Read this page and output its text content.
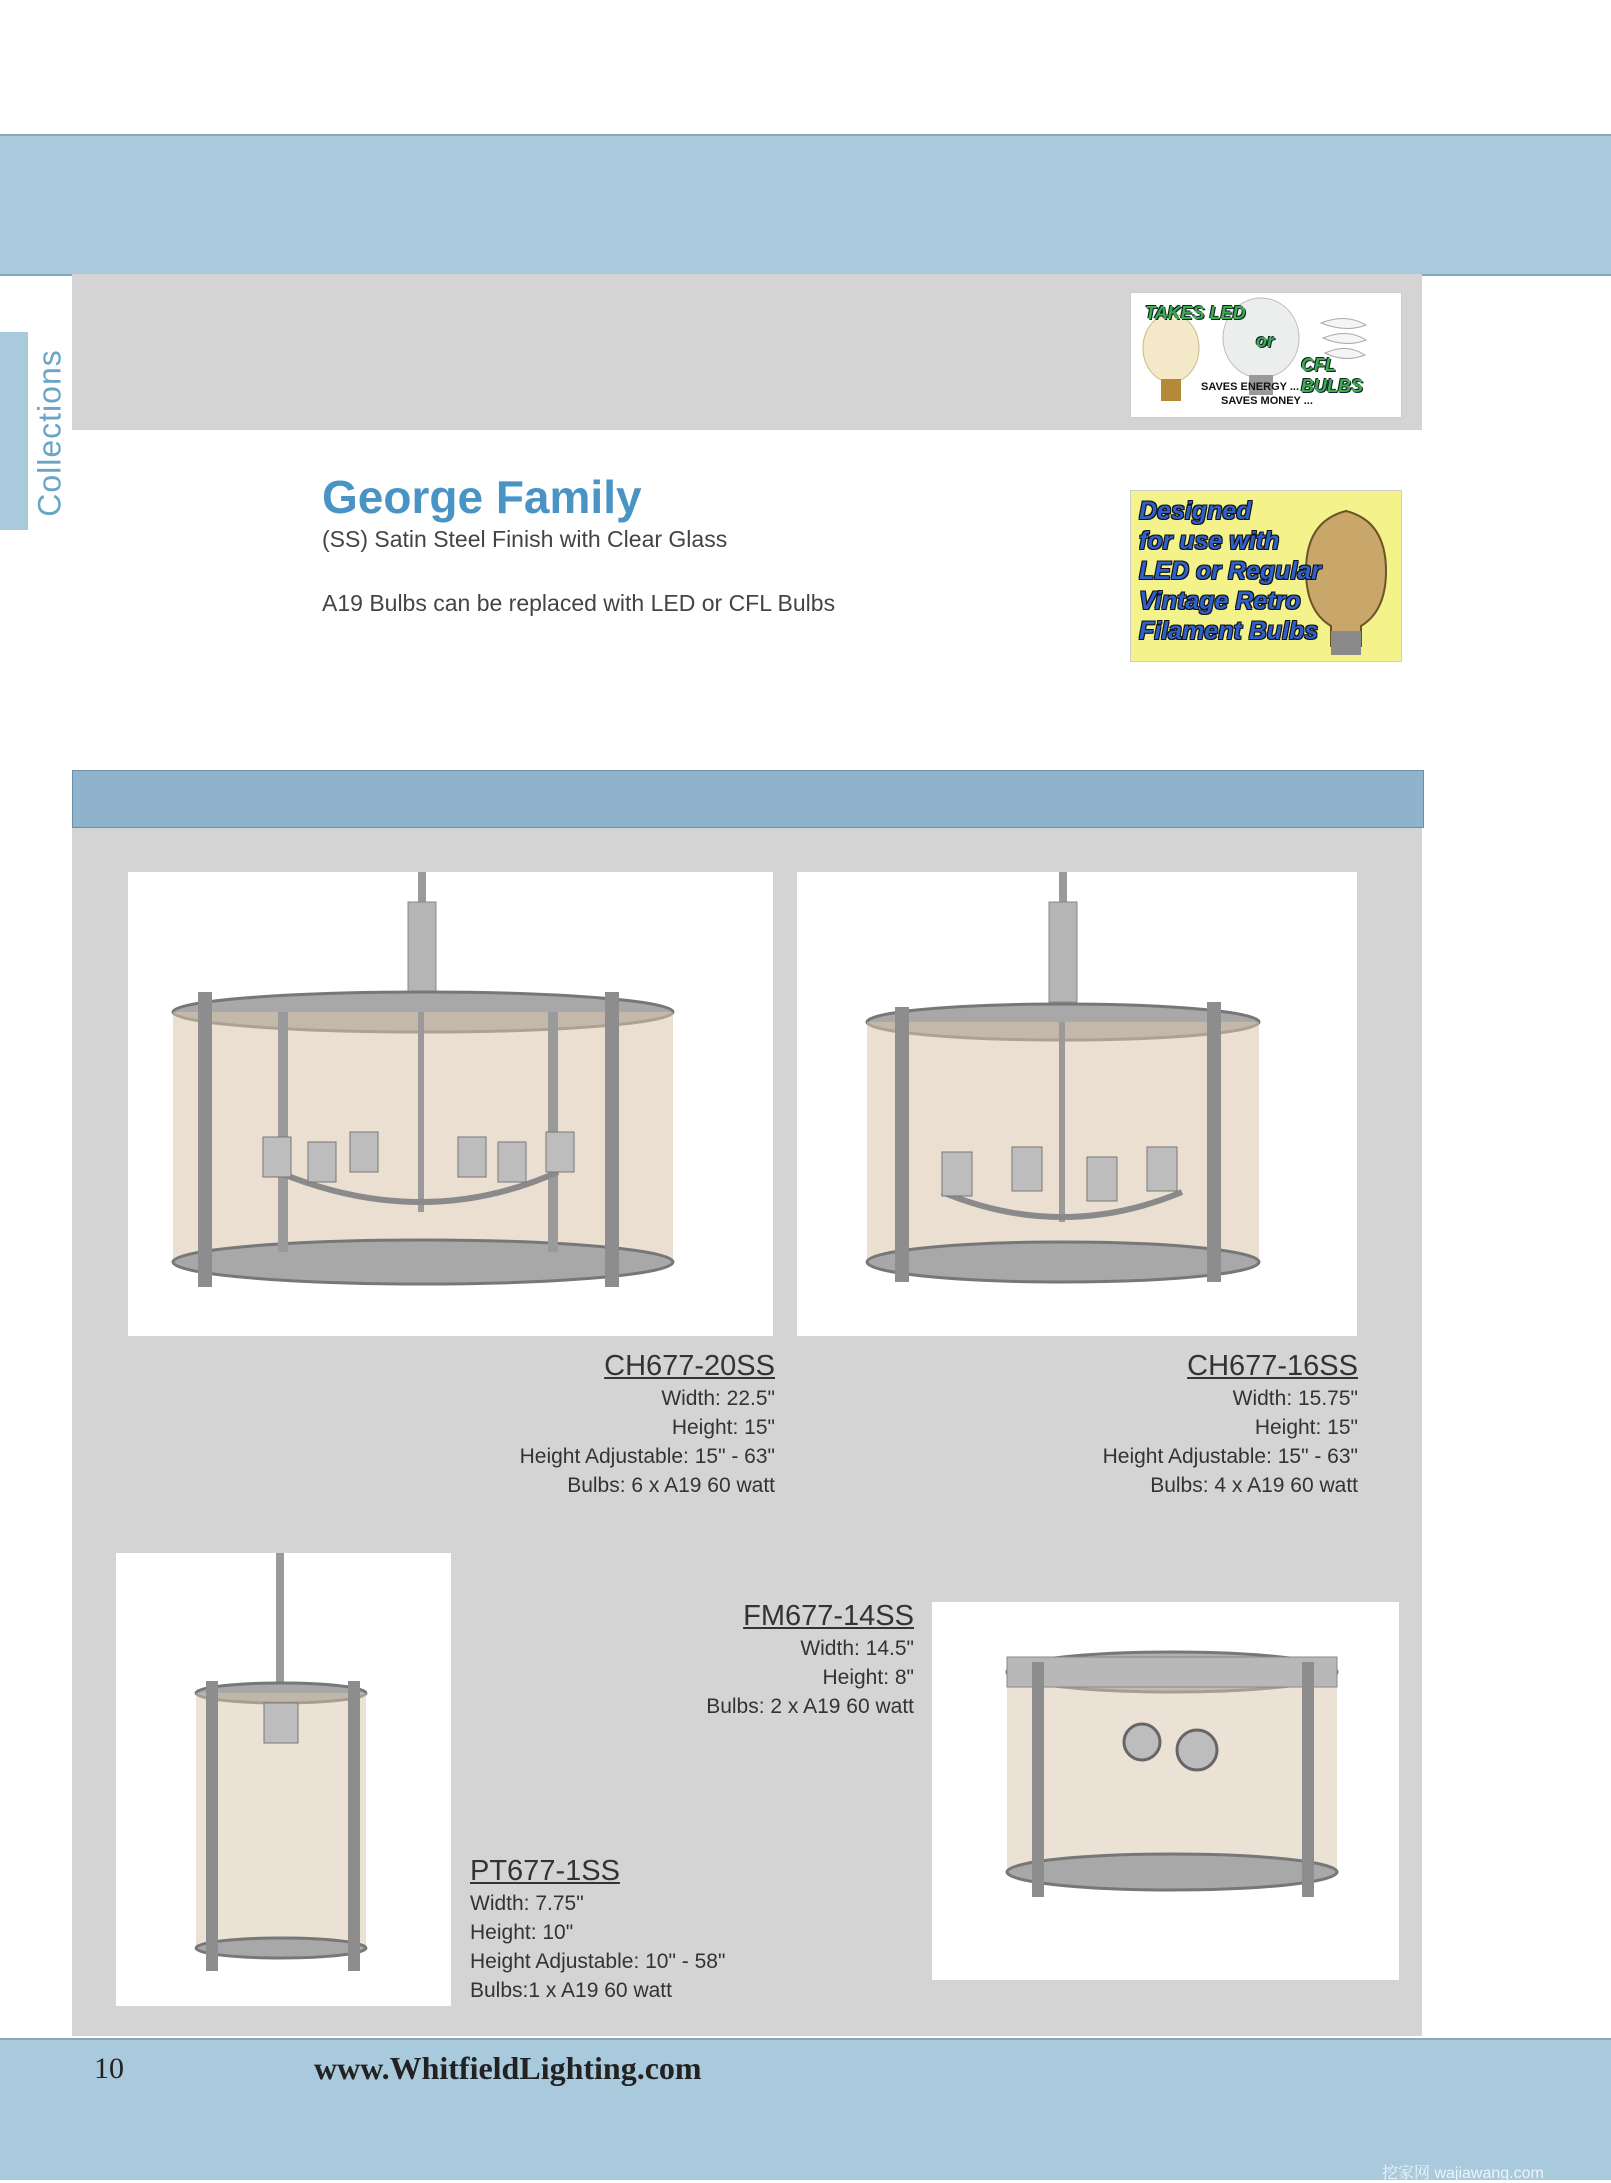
Collections
TAKES LED
or
CFL BULBS
SAVES ENERGY ...
SAVES MONEY ...
George Family
(SS) Satin Steel Finish with Clear Glass
A19 Bulbs can be replaced with LED or CFL Bulbs
Designed
for use with
LED or Regular
Vintage Retro
Filament Bulbs
CH677-20SS
Width: 22.5"
Height: 15"
Height Adjustable: 15" - 63"
Bulbs: 6 x A19 60 watt
CH677-16SS
Width: 15.75"
Height: 15"
Height Adjustable: 15" - 63"
Bulbs: 4 x A19 60 watt
FM677-14SS
Width: 14.5"
Height: 8"
Bulbs: 2 x A19 60 watt
PT677-1SS
Width: 7.75"
Height: 10"
Height Adjustable: 10" - 58"
Bulbs:1 x A19 60 watt
10	www.WhitfieldLighting.com
挖家网 wajiawang.com
